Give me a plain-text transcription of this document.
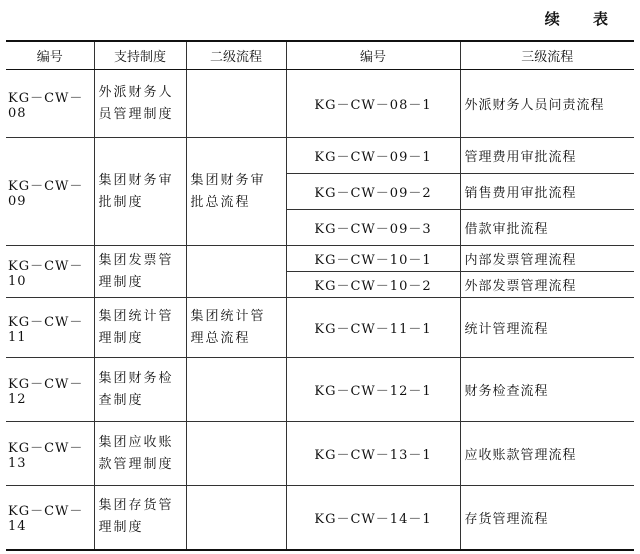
续 表
编号	支持制度	二级流程	编号	三级流程
KG－CW－08	外派财务人员管理制度		KG－CW－08－1	外派财务人员问责流程
KG－CW－09	集团财务审批制度	集团财务审批总流程	KG－CW－09－1	管理费用审批流程
			KG－CW－09－2	销售费用审批流程
			KG－CW－09－3	借款审批流程
KG－CW－10	集团发票管理制度		KG－CW－10－1	内部发票管理流程
			KG－CW－10－2	外部发票管理流程
KG－CW－11	集团统计管理制度	集团统计管理总流程	KG－CW－11－1	统计管理流程
KG－CW－12	集团财务检查制度		KG－CW－12－1	财务检查流程
KG－CW－13	集团应收账款管理制度		KG－CW－13－1	应收账款管理流程
KG－CW－14	集团存货管理制度		KG－CW－14－1	存货管理流程
